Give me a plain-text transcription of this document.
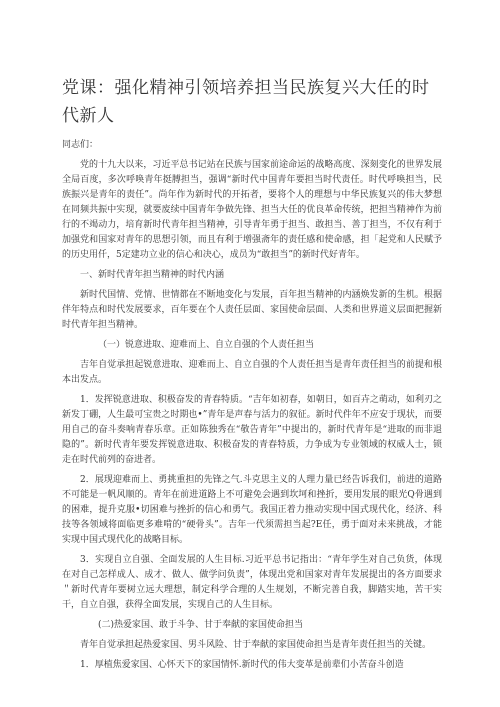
党课：强化精神引领培养担当民族复兴大任的时代新人

同志们：

党的十九大以来，习近平总书记站在民族与国家前途命运的战略高度、深刻变化的世界发展全局百度，多次呼唤青年挺膊担当，强调“新时代中国青年要担当时代责任。时代呼唤担当，民族振兴是青年的责任”。尚年作为新时代的开拓者，要将个人的理想与中华民族复兴的伟大梦想在同频共振中实现，就要废续中国青年争做先锋、担当大任的优良革命传统，把担当精神作为前行的不竭动力，培育新时代青年担当精神，引导青年勇于担当、敢担当、善丁担当，不仅有利于加强党和国家对青年的思想引领，而且有利于增强斋年的责任感和使命感，担「起党和人民赋予的历史用仟，5定建功立业的信心和决心，成员为“敢担当”的新时代好青年。

一、新时代青年担当精神的时代内涵

新时代国情、党情、世情都在不断地变化与发展，百年担当精神的内涵焕发新的生机。根据伴年特点和时代发展要求，百年要在个人责任层面、家国使命层面、人类和世界道义层面把握新时代青年担当精神。

（一）锐意进取、迎难而上、自立自强的个人责任担当

吉年自觉承担起锐意进取、迎难而上、自立自强的个人责任担当是青年责任担当的前提和根本出发点。

1．发挥锐意进取、积极奋发的青春特质。“吉年如初春，如朝日，如百卉之萌动，如利刃之新发丁硼，人生最可宝贵之时期也•”青年是声春与活力的叙征。新时代件年不应安于现状，而要用自己的奋斗奏响青春乐章。正如陈独秀在“敬告青年”中提出的，新时代青年是“进取的而非退隐的”。新时代青年要发挥锐意进取、积极奋发的青春特质，力争成为专业领域的权威人士，锁走在时代前列的奋进者。

2．展现迎难而上、勇挑重担的先锋之气.斗克思主义的人理力量已经告诉我们，前进的道路不可能是一帆风顺的。青年在前进道路上不可避免会遇到坎坷和挫折，要用发展的眼光Q骨遇到的困难，提升克服•切困难与挫折的信心和勇气。我国正着力推动实现中国式现代化，经济、科技等各领域将面临更多难啃的“硬骨头”。吉年一代须需担当起?E任，勇于面对未来挑战，才能实现中国式现代化的战略目标。

3．实现自立自强、全面发展的人生目标.习近平总书记指出：“青年学生对自己负货，体现在对自己怎样成人、成才、做人、做学问负责”，体现出党和国家对青年发展提出的各方面要求＂新时代青年要树立远大理想，制定科学合理的人生规划，不断完善自我，脚踏实地，苦干实干，自立自强，获得全面发展，实现自己的人生目标。

(二)热爱家国、敢于斗争、甘于奉献的家国使命担当

青年自觉承担起热爱家国、男斗风险、甘于奉献的家国使命担当是青年责任担当的关键。

1．厚植焦爱家国、心怀天下的家国情怀.新时代的伟大变革是前辈们小苦奋斗创造
